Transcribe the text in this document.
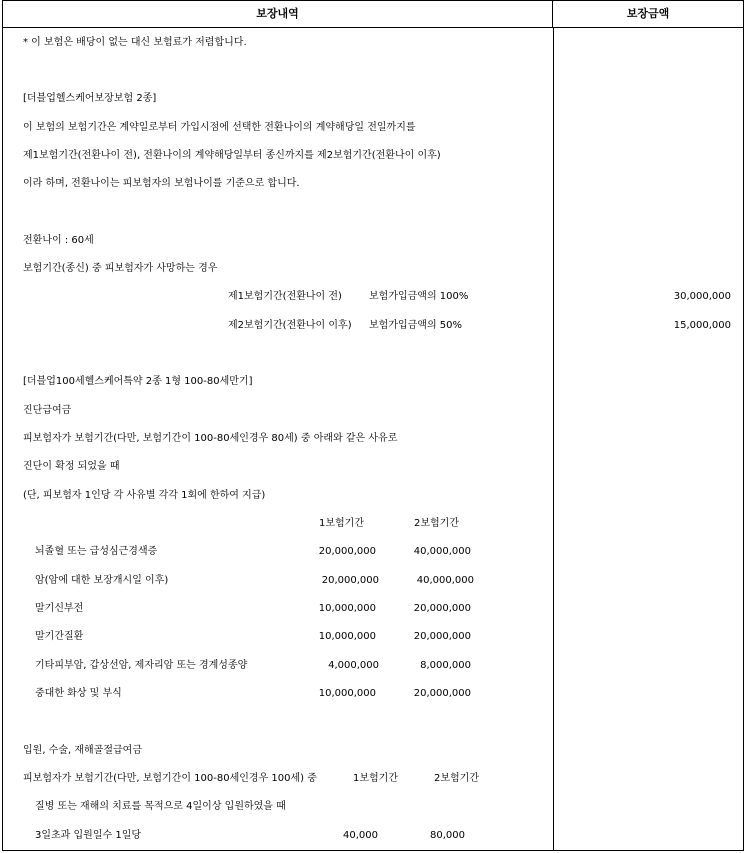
보장내역	보장금액
* 이 보험은 배당이 없는 대신 보험료가 저렴합니다.
[더블업헬스케어보장보험 2종]
이 보험의 보험기간은 계약일로부터 가입시점에 선택한 전환나이의 계약해당일 전일까지를
제1보험기간(전환나이 전), 전환나이의 계약해당일부터 종신까지를 제2보험기간(전환나이 이후)
이라 하며, 전환나이는 피보험자의 보험나이를 기준으로 합니다.
전환나이 : 60세
보험기간(종신) 중 피보험자가 사망하는 경우
제1보험기간(전환나이 전)	보험가입금액의 100%	30,000,000
제2보험기간(전환나이 이후) 보험가입금액의 50%	15,000,000
[더블업100세헬스케어특약 2종 1형 100-80세만기]
진단급여금
피보험자가 보험기간(다만, 보험기간이 100-80세인경우 80세) 중 아래와 같은 사유로
진단이 확정 되었을 때
(단, 피보험자 1인당 각 사유별 각각 1회에 한하여 지급)
1보험기간	2보험기간
뇌졸혈 또는 급성심근경색증	20,000,000	40,000,000
암(암에 대한 보장개시일 이후)	20,000,000	40,000,000
말기신부전	10,000,000	20,000,000
말기간질환	10,000,000	20,000,000
기타피부암, 갑상선암, 제자리암 또는 경계성종양	4,000,000	8,000,000
중대한 화상 및 부식	10,000,000	20,000,000
입원, 수술, 재해골절급여금
피보험자가 보험기간(다만, 보험기간이 100-80세인경우 100세) 중	1보험기간	2보험기간
질병 또는 재해의 치료를 목적으로 4일이상 입원하였을 때
3일초과 입원일수 1일당	40,000	80,000
